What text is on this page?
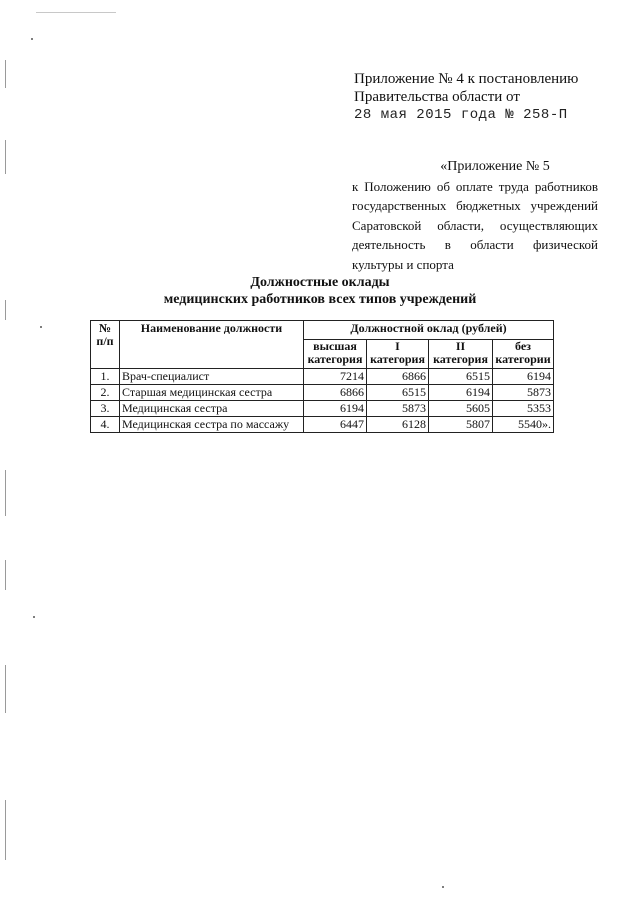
Приложение № 4 к постановлению
Правительства области от
28 мая 2015 года № 258-П
«Приложение № 5
к Положению об оплате труда работников государственных бюджетных учреждений Саратовской области, осуществляющих деятельность в области физической культуры и спорта
Должностные оклады
медицинских работников всех типов учреждений
№ п/п	Наименование должности	Должностной оклад (рублей)			
		высшая категория	I категория	II категория	без категории
1.	Врач-специалист	7214	6866	6515	6194
2.	Старшая медицинская сестра	6866	6515	6194	5873
3.	Медицинская сестра	6194	5873	5605	5353
4.	Медицинская сестра по массажу	6447	6128	5807	5540».
